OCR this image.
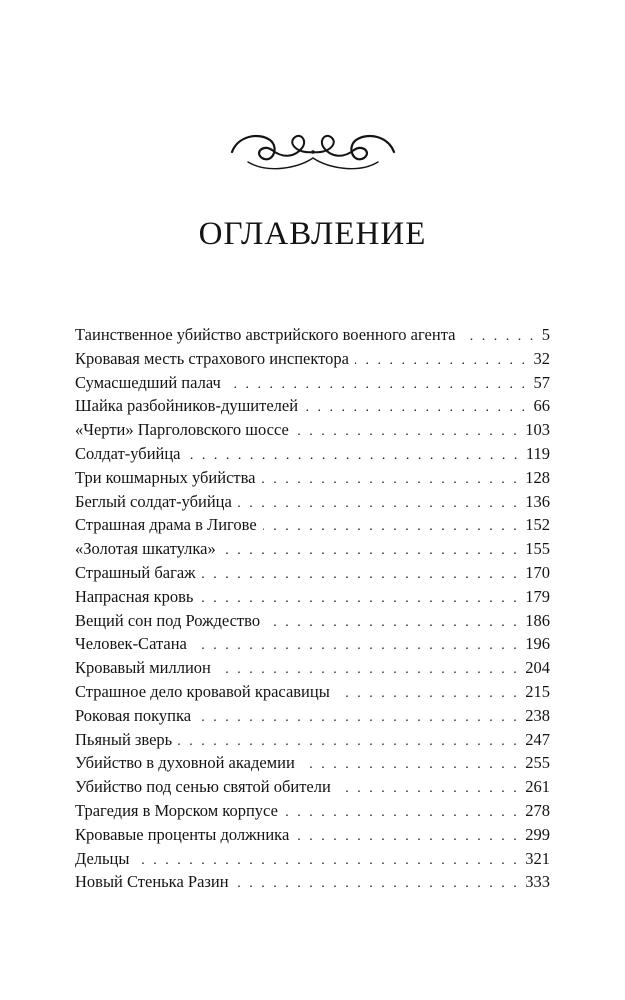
ОГЛАВЛЕНИЕ
Таинственное убийство австрийского военного агента . . .	5
Кровавая месть страхового инспектора . . .	32
Сумасшедший палач . . .	57
Шайка разбойников-душителей . . .	66
«Черти» Парголовского шоссе . . .	103
Солдат-убийца . . .	119
Три кошмарных убийства . . .	128
Беглый солдат-убийца . . .	136
Страшная драма в Лигове . . .	152
«Золотая шкатулка» . . .	155
Страшный багаж . . .	170
Напрасная кровь . . .	179
Вещий сон под Рождество . . .	186
Человек-Сатана . . .	196
Кровавый миллион . . .	204
Страшное дело кровавой красавицы . . .	215
Роковая покупка . . .	238
Пьяный зверь . . .	247
Убийство в духовной академии . . .	255
Убийство под сенью святой обители . . .	261
Трагедия в Морском корпусе . . .	278
Кровавые проценты должника . . .	299
Дельцы . . .	321
Новый Стенька Разин . . .	333
